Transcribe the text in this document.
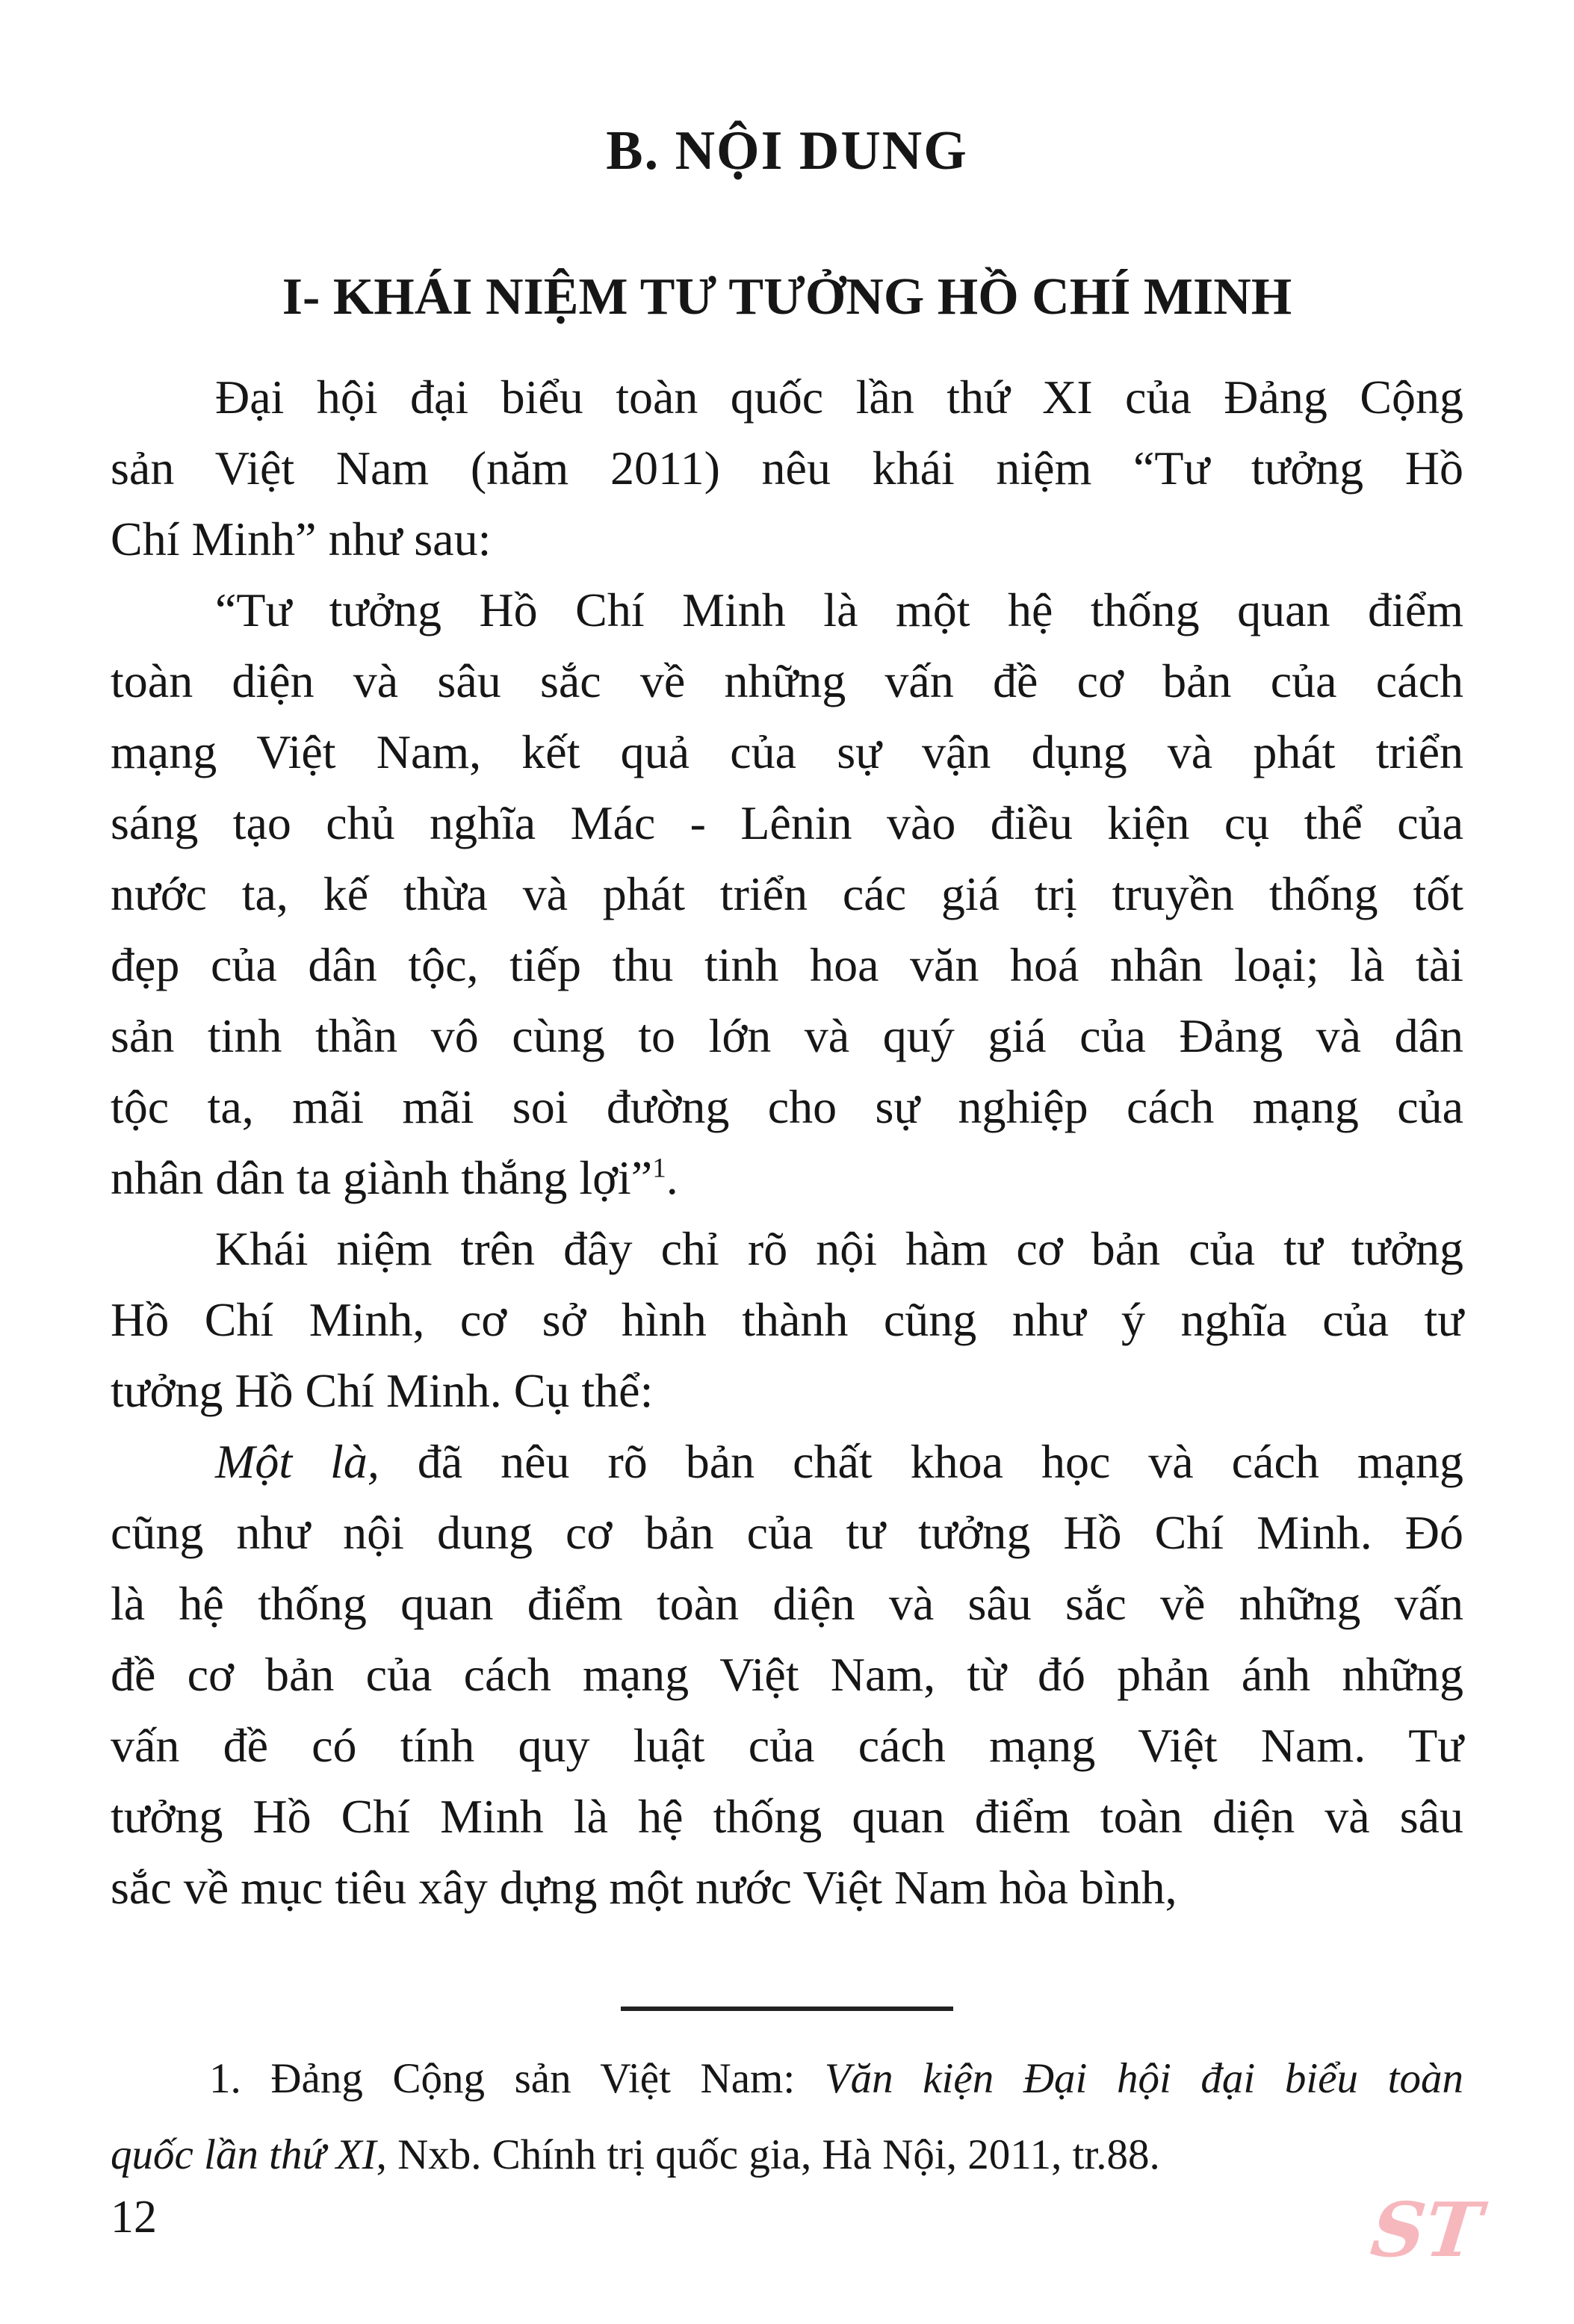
B. NỘI DUNG
I- KHÁI NIỆM TƯ TƯỞNG HỒ CHÍ MINH
Đại hội đại biểu toàn quốc lần thứ XI của Đảng Cộng
sản Việt Nam (năm 2011) nêu khái niệm “Tư tưởng Hồ
Chí Minh” như sau:
“Tư tưởng Hồ Chí Minh là một hệ thống quan điểm
toàn diện và sâu sắc về những vấn đề cơ bản của cách
mạng Việt Nam, kết quả của sự vận dụng và phát triển
sáng tạo chủ nghĩa Mác - Lênin vào điều kiện cụ thể của
nước ta, kế thừa và phát triển các giá trị truyền thống tốt
đẹp của dân tộc, tiếp thu tinh hoa văn hoá nhân loại; là tài
sản tinh thần vô cùng to lớn và quý giá của Đảng và dân
tộc ta, mãi mãi soi đường cho sự nghiệp cách mạng của
nhân dân ta giành thắng lợi”$^1$.
Khái niệm trên đây chỉ rõ nội hàm cơ bản của tư tưởng
Hồ Chí Minh, cơ sở hình thành cũng như ý nghĩa của tư
tưởng Hồ Chí Minh. Cụ thể:
Một là, đã nêu rõ bản chất khoa học và cách mạng
cũng như nội dung cơ bản của tư tưởng Hồ Chí Minh. Đó
là hệ thống quan điểm toàn diện và sâu sắc về những vấn
đề cơ bản của cách mạng Việt Nam, từ đó phản ánh những
vấn đề có tính quy luật của cách mạng Việt Nam. Tư
tưởng Hồ Chí Minh là hệ thống quan điểm toàn diện và sâu
sắc về mục tiêu xây dựng một nước Việt Nam hòa bình,
1. Đảng Cộng sản Việt Nam: Văn kiện Đại hội đại biểu toàn
quốc lần thứ XI, Nxb. Chính trị quốc gia, Hà Nội, 2011, tr.88.
12	ST
